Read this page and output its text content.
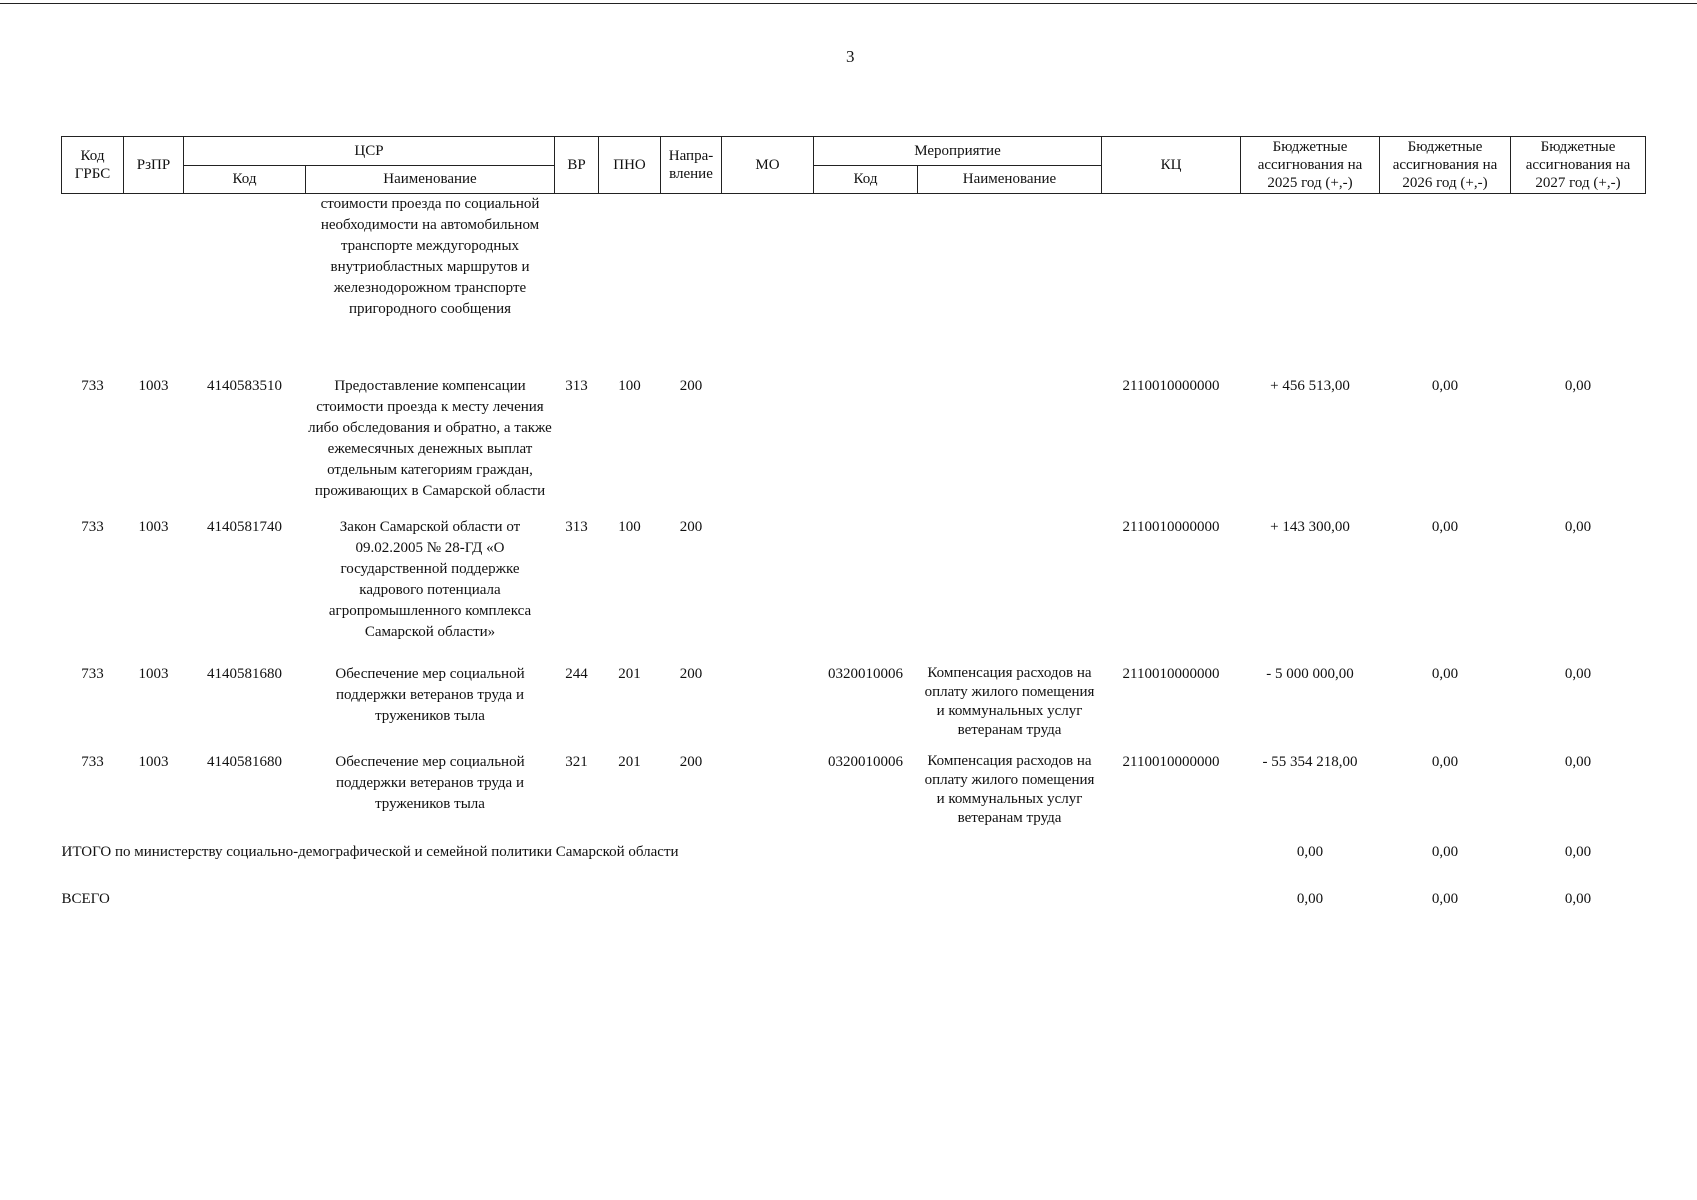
3
Код ГРБС	РзПР	ЦСР		ВР	ПНО	Напра-вление	МО	Мероприятие		КЦ	Бюджетные ассигнования на 2025 год (+,-)	Бюджетные ассигнования на 2026 год (+,-)	Бюджетные ассигнования на 2027 год (+,-)
		Код	Наименование					Код	Наименование				
			стоимости проезда по социальной необходимости на автомобильном транспорте междугородных внутриобластных маршрутов и железнодорожном транспорте пригородного сообщения										

733	1003	4140583510	Предоставление компенсации стоимости проезда к месту лечения либо обследования и обратно, а также ежемесячных денежных выплат отдельным категориям граждан, проживающих в Самарской области	313	100	200				2110010000000	+ 456 513,00	0,00	0,00

733	1003	4140581740	Закон Самарской области от 09.02.2005 № 28-ГД «О государственной поддержке кадрового потенциала агропромышленного комплекса Самарской области»	313	100	200				2110010000000	+ 143 300,00	0,00	0,00

733	1003	4140581680	Обеспечение мер социальной поддержки ветеранов труда и тружеников тыла	244	201	200		0320010006	Компенсация расходов на оплату жилого помещения и коммунальных услуг ветеранам труда	2110010000000	- 5 000 000,00	0,00	0,00

733	1003	4140581680	Обеспечение мер социальной поддержки ветеранов труда и тружеников тыла	321	201	200		0320010006	Компенсация расходов на оплату жилого помещения и коммунальных услуг ветеранам труда	2110010000000	- 55 354 218,00	0,00	0,00

ИТОГО по министерству социально-демографической и семейной политики Самарской области											0,00	0,00	0,00

ВСЕГО											0,00	0,00	0,00
